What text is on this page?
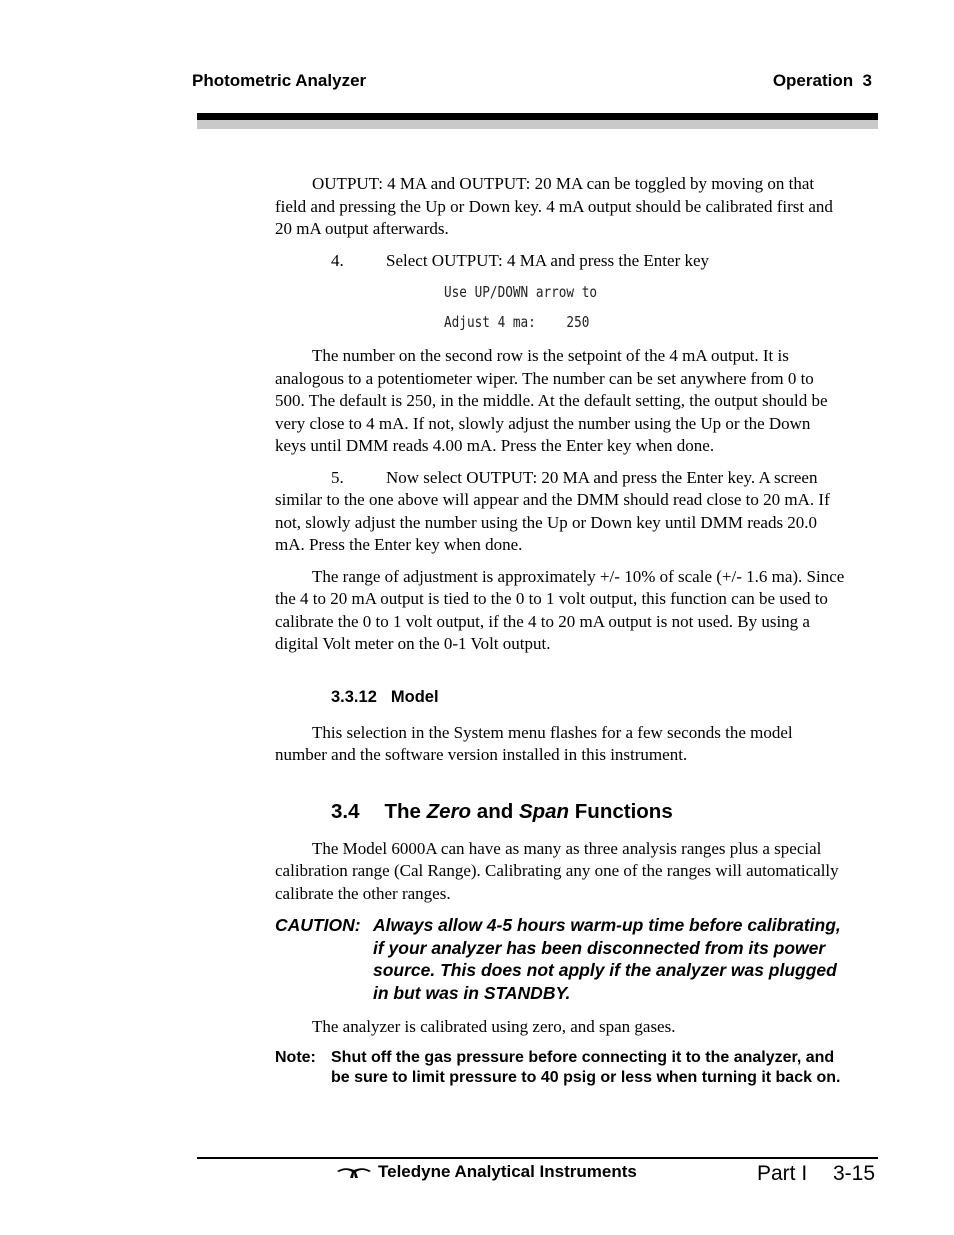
Photometric Analyzer	Operation  3

OUTPUT: 4 MA and OUTPUT: 20 MA can be toggled by moving on that field and pressing the Up or Down key. 4 mA output should be calibrated first and 20 mA output afterwards.

4. Select OUTPUT: 4 MA and press the Enter key

Use UP/DOWN arrow to
Adjust 4 ma:    250

The number on the second row is the setpoint of the 4 mA output. It is analogous to a potentiometer wiper. The number can be set anywhere from 0 to 500. The default is 250, in the middle. At the default setting, the output should be very close to 4 mA. If not, slowly adjust the number using the Up or the Down keys until DMM reads 4.00 mA. Press the Enter key when done.

5. Now select OUTPUT: 20 MA and press the Enter key. A screen similar to the one above will appear and the DMM should read close to 20 mA. If not, slowly adjust the number using the Up or Down key until DMM reads 20.0 mA. Press the Enter key when done.

The range of adjustment is approximately +/- 10% of scale (+/- 1.6 ma). Since the 4 to 20 mA output is tied to the 0 to 1 volt output, this function can be used to calibrate the 0 to 1 volt output, if the 4 to 20 mA output is not used. By using a digital Volt meter on the 0-1 Volt output.

3.3.12 Model

This selection in the System menu flashes for a few seconds the model number and the software version installed in this instrument.

3.4 The Zero and Span Functions

The Model 6000A can have as many as three analysis ranges plus a special calibration range (Cal Range). Calibrating any one of the ranges will automatically calibrate the other ranges.

CAUTION: Always allow 4-5 hours warm-up time before calibrating, if your analyzer has been disconnected from its power source. This does not apply if the analyzer was plugged in but was in STANDBY.

The analyzer is calibrated using zero, and span gases.

Note: Shut off the gas pressure before connecting it to the analyzer, and be sure to limit pressure to 40 psig or less when turning it back on.
Teledyne Analytical Instruments	Part I 3-15
